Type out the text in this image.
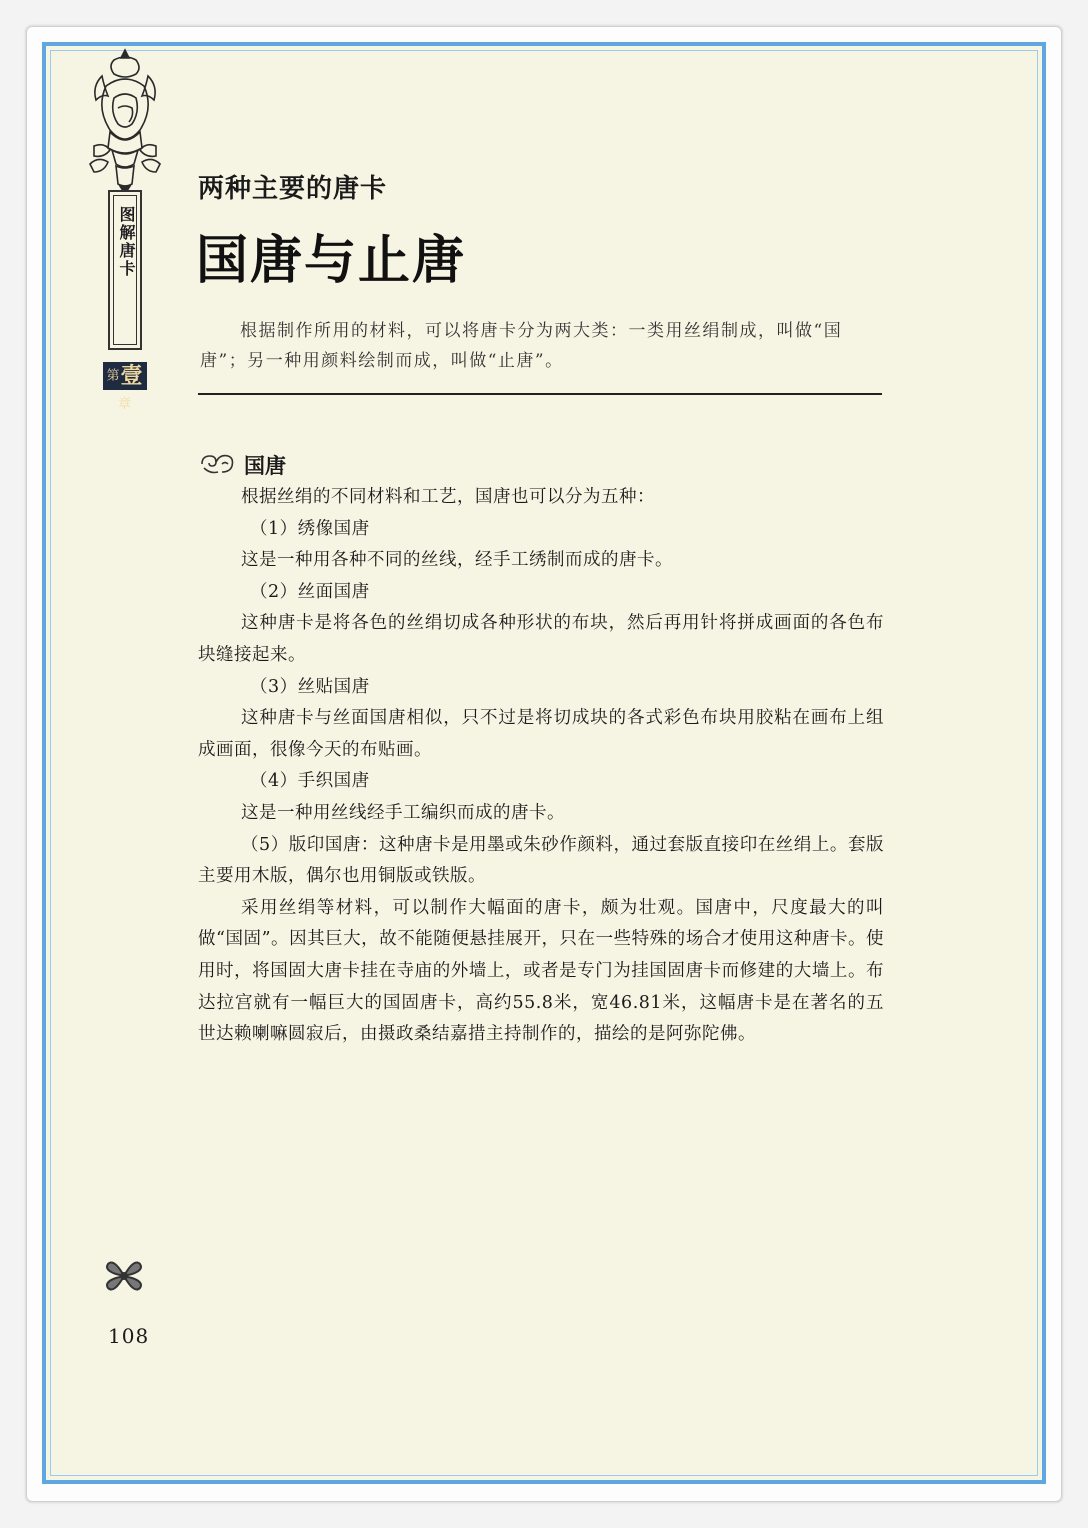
图解唐卡
第壹章
两种主要的唐卡
国唐与止唐
根据制作所用的材料，可以将唐卡分为两大类：一类用丝绢制成，叫做“国唐”；另一种用颜料绘制而成，叫做“止唐”。
国唐

根据丝绢的不同材料和工艺，国唐也可以分为五种：

（1）绣像国唐

这是一种用各种不同的丝线，经手工绣制而成的唐卡。

（2）丝面国唐

这种唐卡是将各色的丝绢切成各种形状的布块，然后再用针将拼成画面的各色布块缝接起来。

（3）丝贴国唐

这种唐卡与丝面国唐相似，只不过是将切成块的各式彩色布块用胶粘在画布上组成画面，很像今天的布贴画。

（4）手织国唐

这是一种用丝线经手工编织而成的唐卡。

（5）版印国唐：这种唐卡是用墨或朱砂作颜料，通过套版直接印在丝绢上。套版主要用木版，偶尔也用铜版或铁版。

采用丝绢等材料，可以制作大幅面的唐卡，颇为壮观。国唐中，尺度最大的叫做“国固”。因其巨大，故不能随便悬挂展开，只在一些特殊的场合才使用这种唐卡。使用时，将国固大唐卡挂在寺庙的外墙上，或者是专门为挂国固唐卡而修建的大墙上。布达拉宫就有一幅巨大的国固唐卡，高约55.8米，宽46.81米，这幅唐卡是在著名的五世达赖喇嘛圆寂后，由摄政桑结嘉措主持制作的，描绘的是阿弥陀佛。

108
